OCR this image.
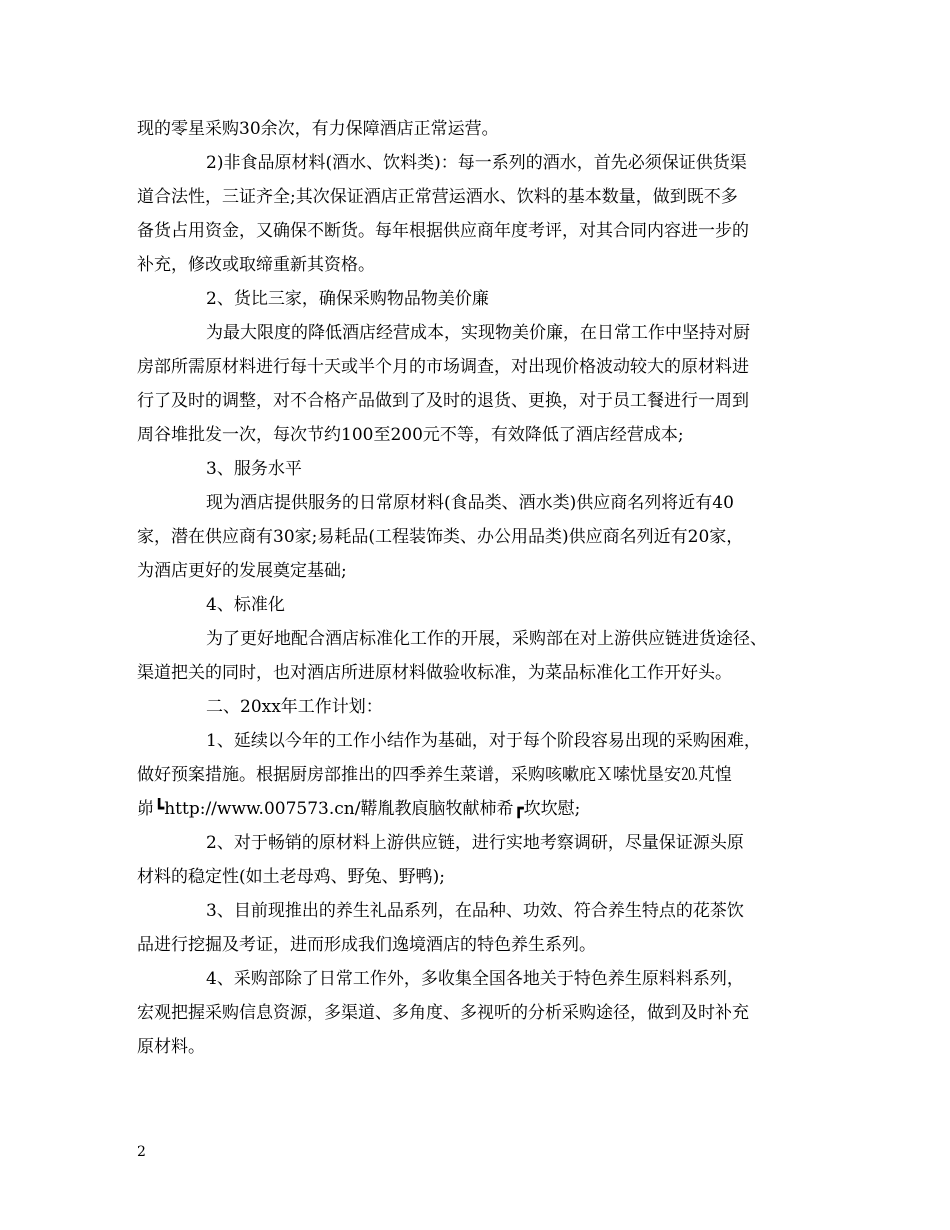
现的零星采购30余次，有力保障酒店正常运营。
2)非食品原材料(酒水、饮料类)：每一系列的酒水，首先必须保证供货渠
道合法性，三证齐全;其次保证酒店正常营运酒水、饮料的基本数量，做到既不多
备货占用资金，又确保不断货。每年根据供应商年度考评，对其合同内容进一步的
补充，修改或取缔重新其资格。
2、货比三家，确保采购物品物美价廉
为最大限度的降低酒店经营成本，实现物美价廉，在日常工作中坚持对厨
房部所需原材料进行每十天或半个月的市场调查，对出现价格波动较大的原材料进
行了及时的调整，对不合格产品做到了及时的退货、更换，对于员工餐进行一周到
周谷堆批发一次，每次节约100至200元不等，有效降低了酒店经营成本;
3、服务水平
现为酒店提供服务的日常原材料(食品类、酒水类)供应商名列将近有40
家，潜在供应商有30家;易耗品(工程装饰类、办公用品类)供应商名列近有20家，
为酒店更好的发展奠定基础;
4、标准化
为了更好地配合酒店标准化工作的开展，采购部在对上游供应链进货途径、
渠道把关的同时，也对酒店所进原材料做验收标准，为菜品标准化工作开好头。
二、20xx年工作计划：
1、延续以今年的工作小结作为基础，对于每个阶段容易出现的采购困难，
做好预案措施。根据厨房部推出的四季养生菜谱，采购咳嗽庇Ｘ嗦忧垦安⒛芃惶
峁┗http://www.007573.cn/鞯胤教㢃脑牧献柿希┏坎坎慰;
2、对于畅销的原材料上游供应链，进行实地考察调研，尽量保证源头原
材料的稳定性(如土老母鸡、野兔、野鸭);
3、目前现推出的养生礼品系列，在品种、功效、符合养生特点的花茶饮
品进行挖掘及考证，进而形成我们逸境酒店的特色养生系列。
4、采购部除了日常工作外，多收集全国各地关于特色养生原料料系列，
宏观把握采购信息资源，多渠道、多角度、多视听的分析采购途径，做到及时补充
原材料。
2
